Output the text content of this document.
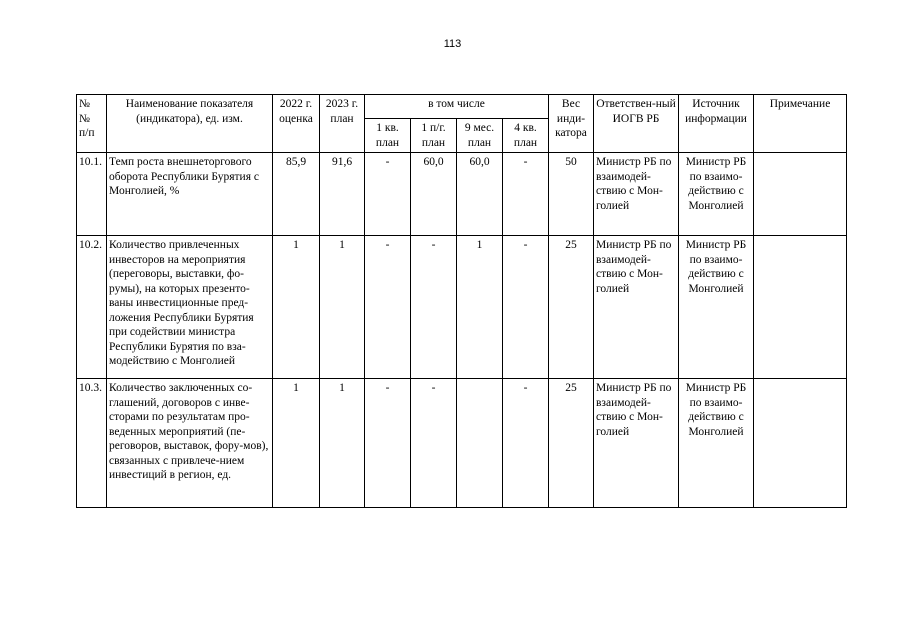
113
№
№
п/п	Наименование показателя (индикатора), ед. изм.	2022 г. оценка	2023 г. план	в том числе				Вес инди-катора	Ответствен-ный ИОГВ РБ	Источник информации	Примечание
				1 кв. план	1 п/г. план	9 мес. план	4 кв. план				
10.1.	Темп роста внешнеторгового оборота Республики Бурятия с Монголией, %	85,9	91,6	-	60,0	60,0	-	50	Министр РБ по взаимодей-ствию с Мон-голией	Министр РБ по взаимо-действию с Монголией	
10.2.	Количество привлеченных инвесторов на мероприятия (переговоры, выставки, фо-румы), на которых презенто-ваны инвестиционные пред-ложения Республики Бурятия при содействии министра Республики Бурятия по вза-модействию с Монголией	1	1	-	-	1	-	25	Министр РБ по взаимодей-ствию с Мон-голией	Министр РБ по взаимо-действию с Монголией	
10.3.	Количество заключенных со-глашений, договоров с инве-сторами по результатам про-веденных мероприятий (пе-реговоров, выставок, фору-мов), связанных с привлече-нием инвестиций в регион, ед.	1	1	-	-		-	25	Министр РБ по взаимодей-ствию с Мон-голией	Министр РБ по взаимо-действию с Монголией	
